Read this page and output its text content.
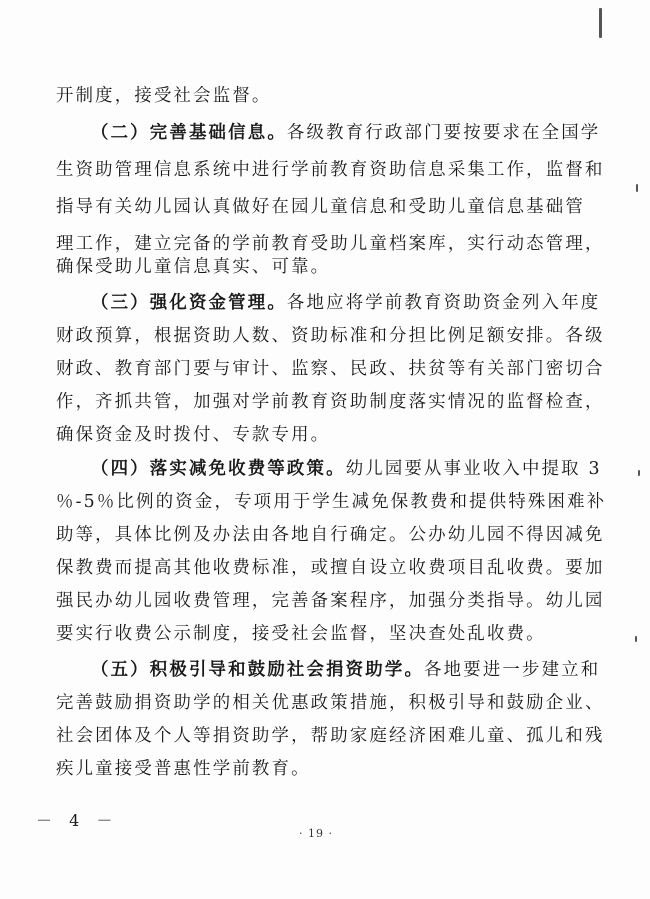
开制度，接受社会监督。
（二）完善基础信息。各级教育行政部门要按要求在全国学
生资助管理信息系统中进行学前教育资助信息采集工作，监督和
指导有关幼儿园认真做好在园儿童信息和受助儿童信息基础管
理工作，建立完备的学前教育受助儿童档案库，实行动态管理，
确保受助儿童信息真实、可靠。
（三）强化资金管理。各地应将学前教育资助资金列入年度
财政预算，根据资助人数、资助标准和分担比例足额安排。各级
财政、教育部门要与审计、监察、民政、扶贫等有关部门密切合
作，齐抓共管，加强对学前教育资助制度落实情况的监督检查，
确保资金及时拨付、专款专用。
（四）落实减免收费等政策。幼儿园要从事业收入中提取 3
％-5％比例的资金，专项用于学生减免保教费和提供特殊困难补
助等，具体比例及办法由各地自行确定。公办幼儿园不得因减免
保教费而提高其他收费标准，或擅自设立收费项目乱收费。要加
强民办幼儿园收费管理，完善备案程序，加强分类指导。幼儿园
要实行收费公示制度，接受社会监督，坚决查处乱收费。
（五）积极引导和鼓励社会捐资助学。各地要进一步建立和
完善鼓励捐资助学的相关优惠政策措施，积极引导和鼓励企业、
社会团体及个人等捐资助学，帮助家庭经济困难儿童、孤儿和残
疾儿童接受普惠性学前教育。
－ 4 －
· 19 ·
